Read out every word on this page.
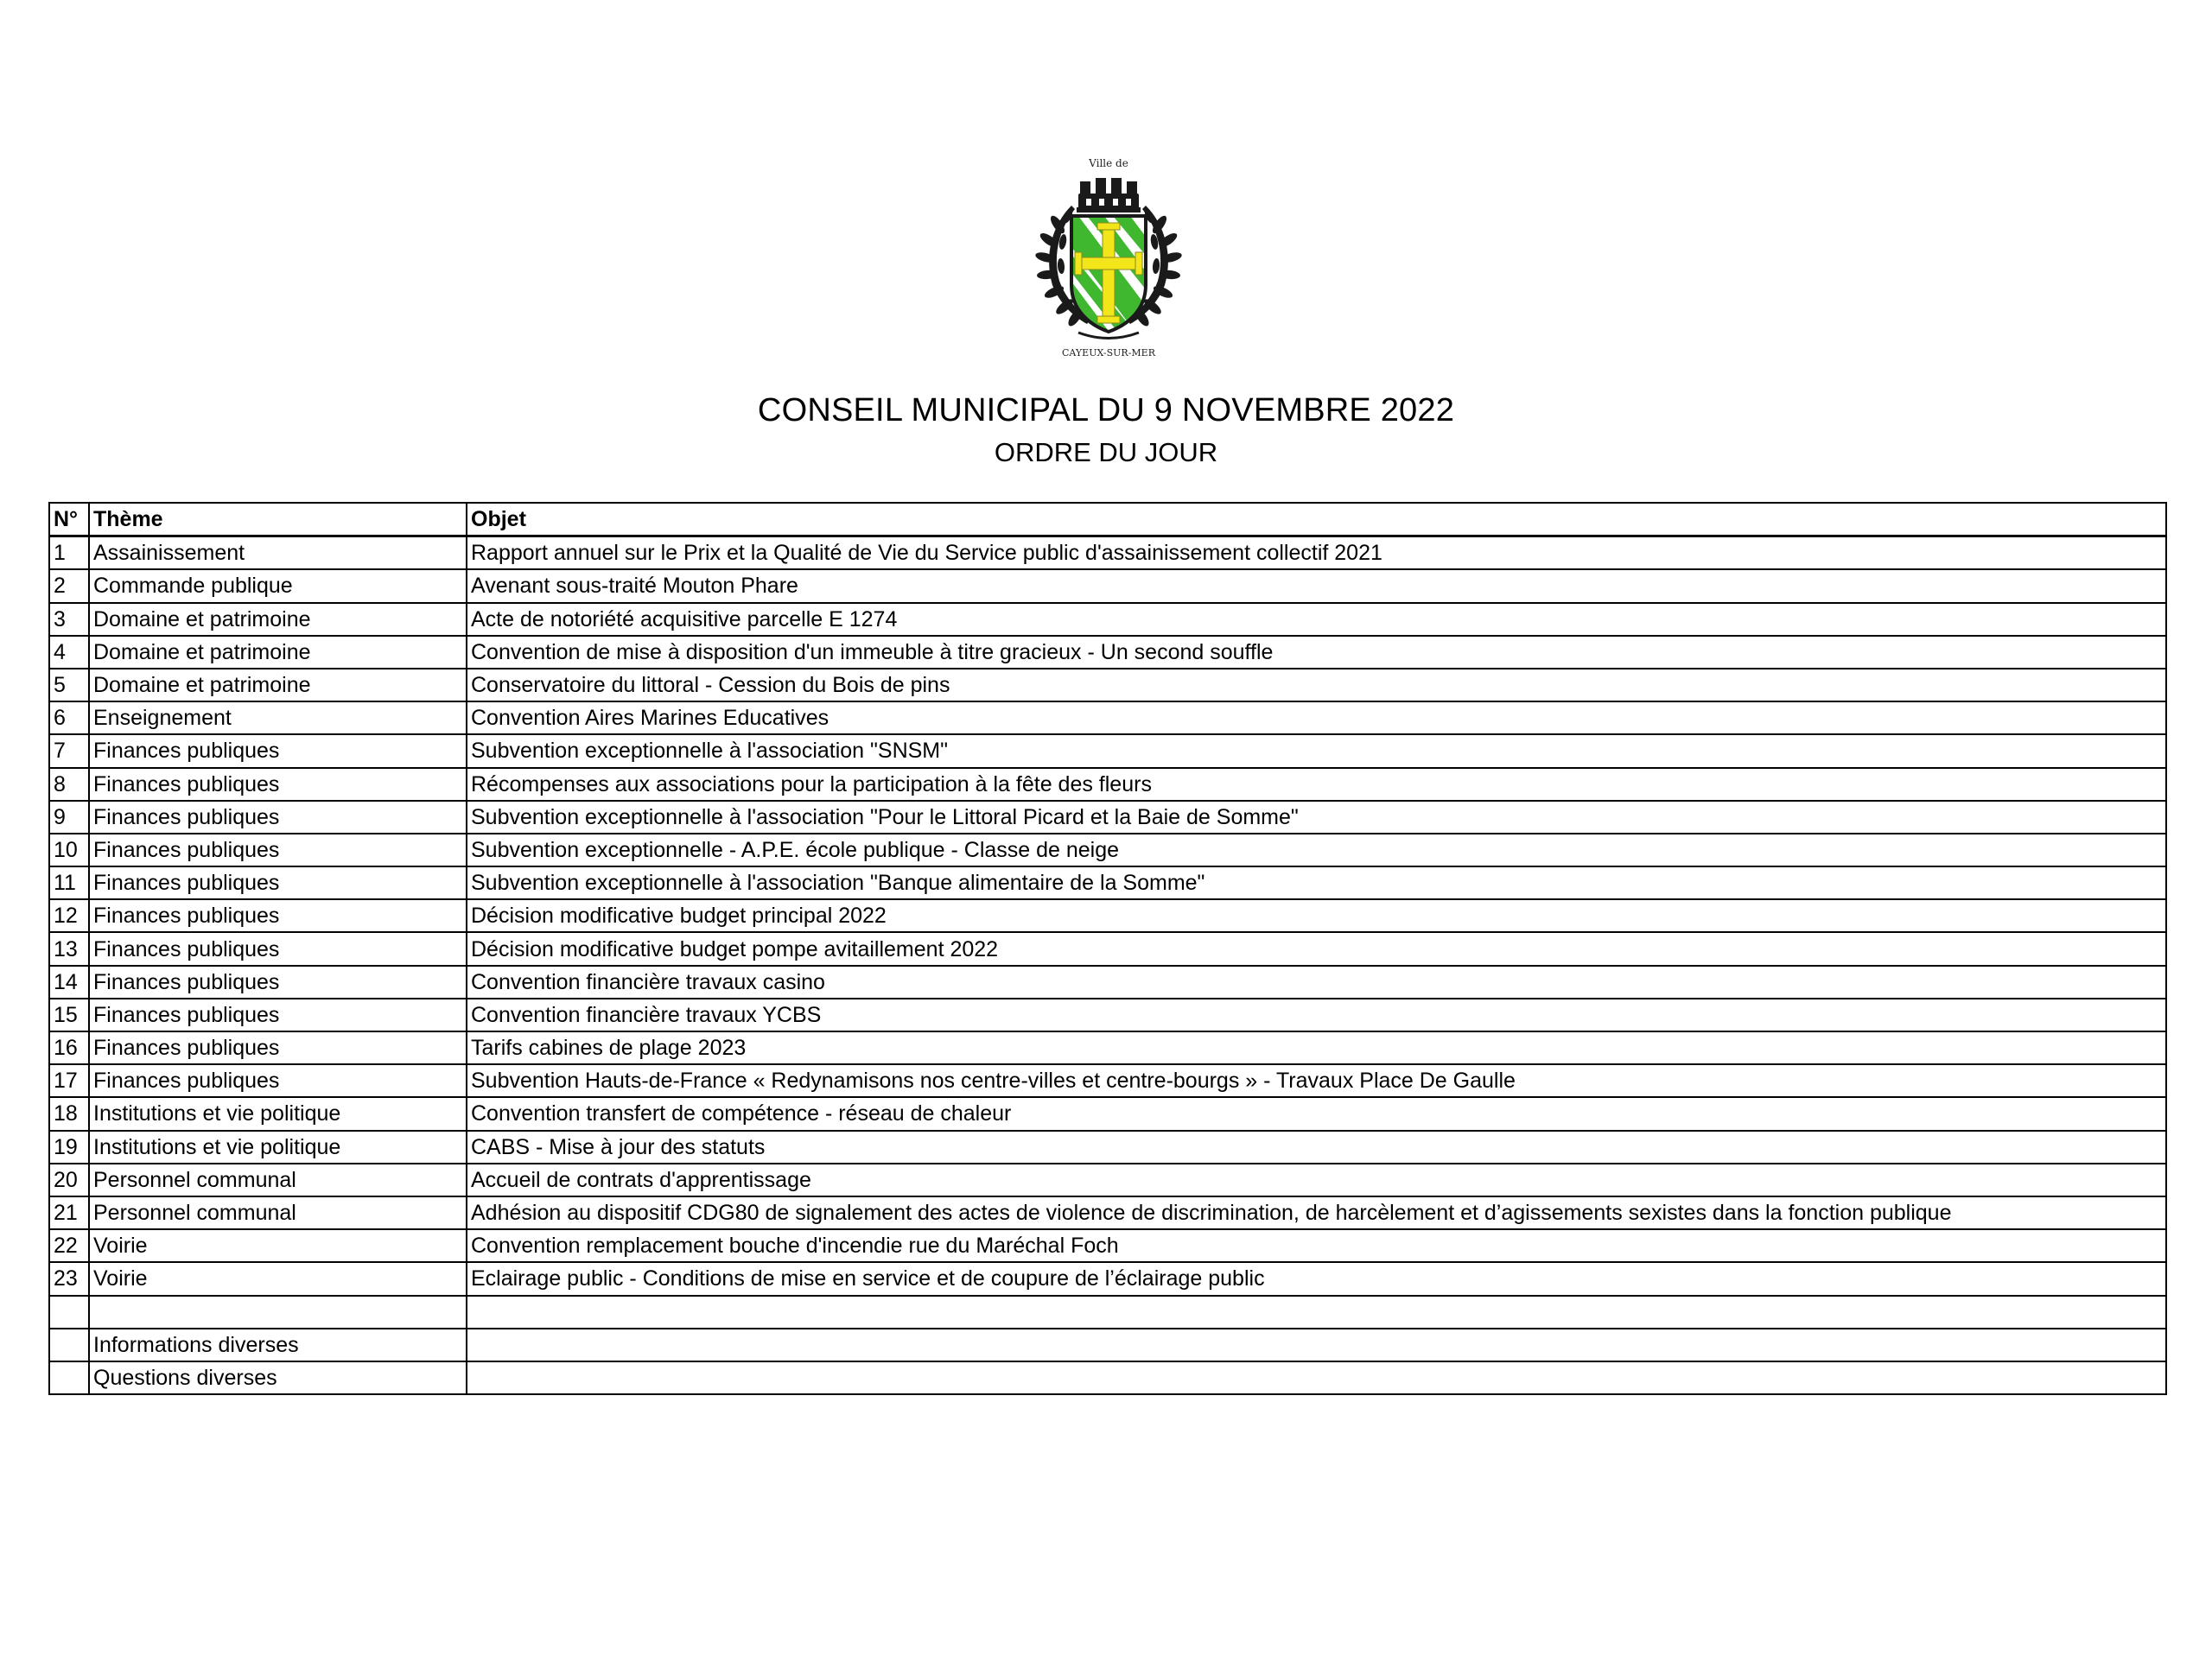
Ville de
CAYEUX-SUR-MER
CONSEIL MUNICIPAL DU 9 NOVEMBRE 2022
ORDRE DU JOUR
N°	Thème	Objet
1	Assainissement	Rapport annuel sur le Prix et la Qualité de Vie du Service public d'assainissement collectif 2021
2	Commande publique	Avenant sous-traité Mouton Phare
3	Domaine et patrimoine	Acte de notoriété acquisitive parcelle E 1274
4	Domaine et patrimoine	Convention de mise à disposition d'un immeuble à titre gracieux - Un second souffle
5	Domaine et patrimoine	Conservatoire du littoral - Cession du Bois de pins
6	Enseignement	Convention Aires Marines Educatives
7	Finances publiques	Subvention exceptionnelle à l'association "SNSM"
8	Finances publiques	Récompenses aux associations pour la participation à la fête des fleurs
9	Finances publiques	Subvention exceptionnelle à l'association "Pour le Littoral Picard et la Baie de Somme"
10	Finances publiques	Subvention exceptionnelle - A.P.E. école publique - Classe de neige
11	Finances publiques	Subvention exceptionnelle à l'association "Banque alimentaire de la Somme"
12	Finances publiques	Décision modificative budget principal 2022
13	Finances publiques	Décision modificative budget pompe avitaillement 2022
14	Finances publiques	Convention financière travaux casino
15	Finances publiques	Convention financière travaux YCBS
16	Finances publiques	Tarifs cabines de plage 2023
17	Finances publiques	Subvention Hauts-de-France « Redynamisons nos centre-villes et centre-bourgs » - Travaux Place De Gaulle
18	Institutions et vie politique	Convention transfert de compétence - réseau de chaleur
19	Institutions et vie politique	CABS - Mise à jour des statuts
20	Personnel communal	Accueil de contrats d'apprentissage
21	Personnel communal	Adhésion au dispositif CDG80 de signalement des actes de violence de discrimination, de harcèlement et d’agissements sexistes dans la fonction publique
22	Voirie	Convention remplacement bouche d'incendie rue du Maréchal Foch
23	Voirie	Eclairage public - Conditions de mise en service et de coupure de l’éclairage public

	Informations diverses	
	Questions diverses	
